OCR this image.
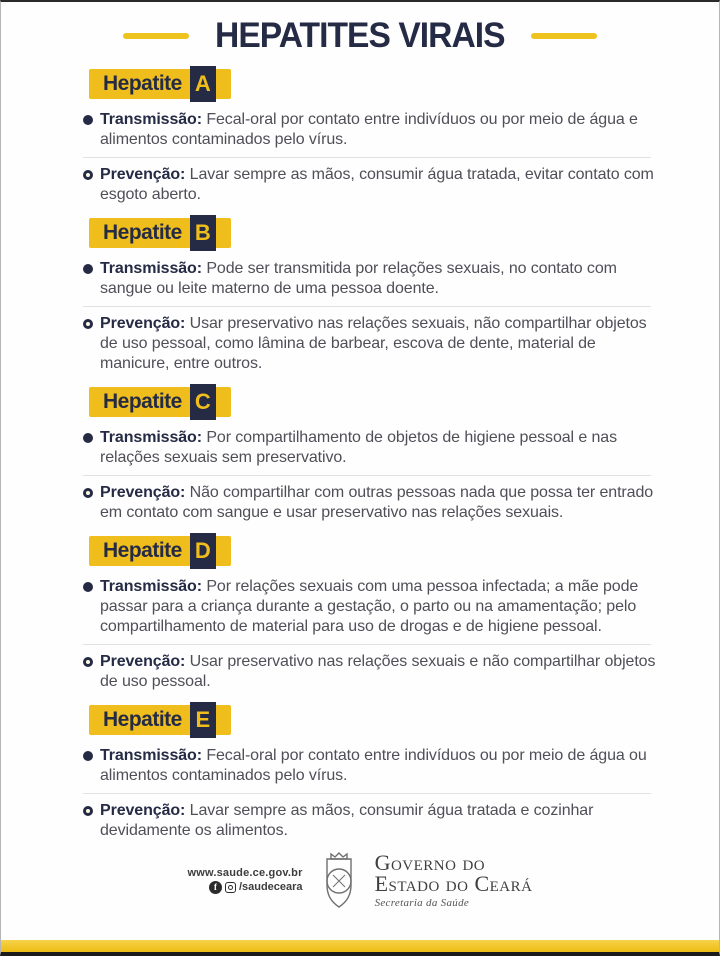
HEPATITES VIRAIS
Hepatite A

Transmissão: Fecal-oral por contato entre indivíduos ou por meio de água e alimentos contaminados pelo vírus.

Prevenção: Lavar sempre as mãos, consumir água tratada, evitar contato com esgoto aberto.

Hepatite B

Transmissão: Pode ser transmitida por relações sexuais, no contato com sangue ou leite materno de uma pessoa doente.

Prevenção: Usar preservativo nas relações sexuais, não compartilhar objetos de uso pessoal, como lâmina de barbear, escova de dente, material de manicure, entre outros.

Hepatite C

Transmissão: Por compartilhamento de objetos de higiene pessoal e nas relações sexuais sem preservativo.

Prevenção: Não compartilhar com outras pessoas nada que possa ter entrado em contato com sangue e usar preservativo nas relações sexuais.

Hepatite D

Transmissão: Por relações sexuais com uma pessoa infectada; a mãe pode passar para a criança durante a gestação, o parto ou na amamentação; pelo compartilhamento de material para uso de drogas e de higiene pessoal.

Prevenção: Usar preservativo nas relações sexuais e não compartilhar objetos de uso pessoal.

Hepatite E

Transmissão: Fecal-oral por contato entre indivíduos ou por meio de água ou alimentos contaminados pelo vírus.

Prevenção: Lavar sempre as mãos, consumir água tratada e cozinhar devidamente os alimentos.

www.saude.ce.gov.br
f	/saudeceara
Governo do
Estado do Ceará
Secretaria da Saúde
